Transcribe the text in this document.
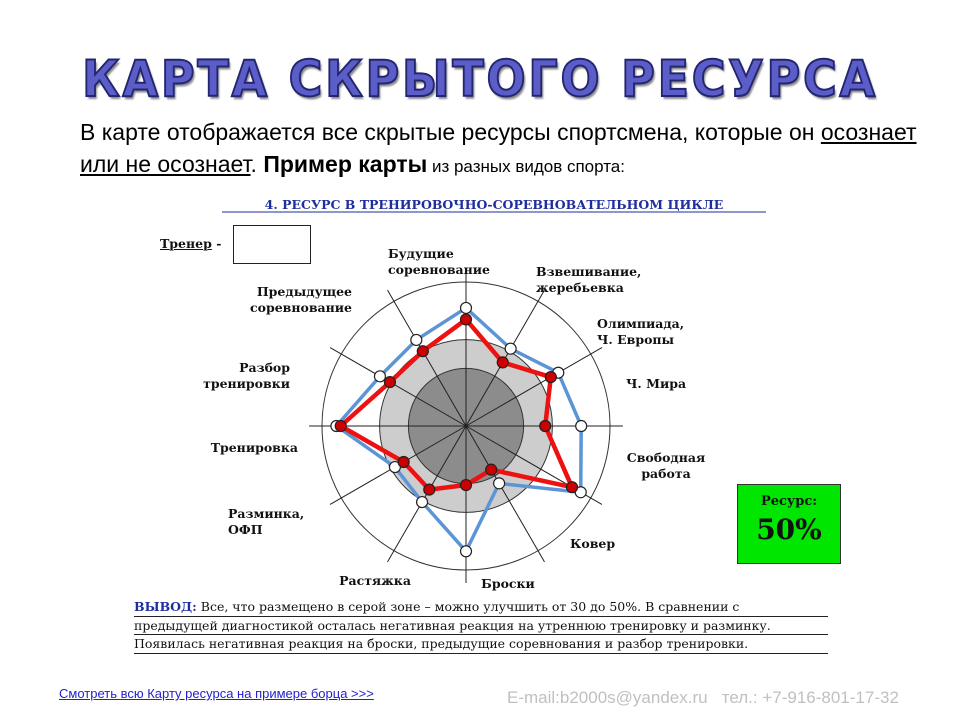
КАРТА СКРЫТОГО РЕСУРСА
В карте отображается все скрытые ресурсы спортсмена, которые он осознает или не осознает. Пример карты из разных видов спорта:
4. РЕСУРС В ТРЕНИРОВОЧНО-СОРЕВНОВАТЕЛЬНОМ ЦИКЛЕ
Будущие соревнование	Взвешивание, жеребьевка
Олимпиада, Ч. Европы
Ч. Мира
Свободная работа
Ковер
Броски
Растяжка
Разминка, ОФП
Тренировка
Разбор тренировки
Предыдущее соревнование
Тренер -
Ресурс:
50%
ВЫВОД: Все, что размещено в серой зоне – можно улучшить от 30 до 50%. В сравнении с
предыдущей диагностикой осталась негативная реакция на утреннюю тренировку и разминку.
Появилась негативная реакция на броски, предыдущие соревнования и разбор тренировки.
Смотреть всю Карту ресурса на примере борца >>>	E-mail:b2000s@yandex.ru   тел.: +7-916-801-17-32
